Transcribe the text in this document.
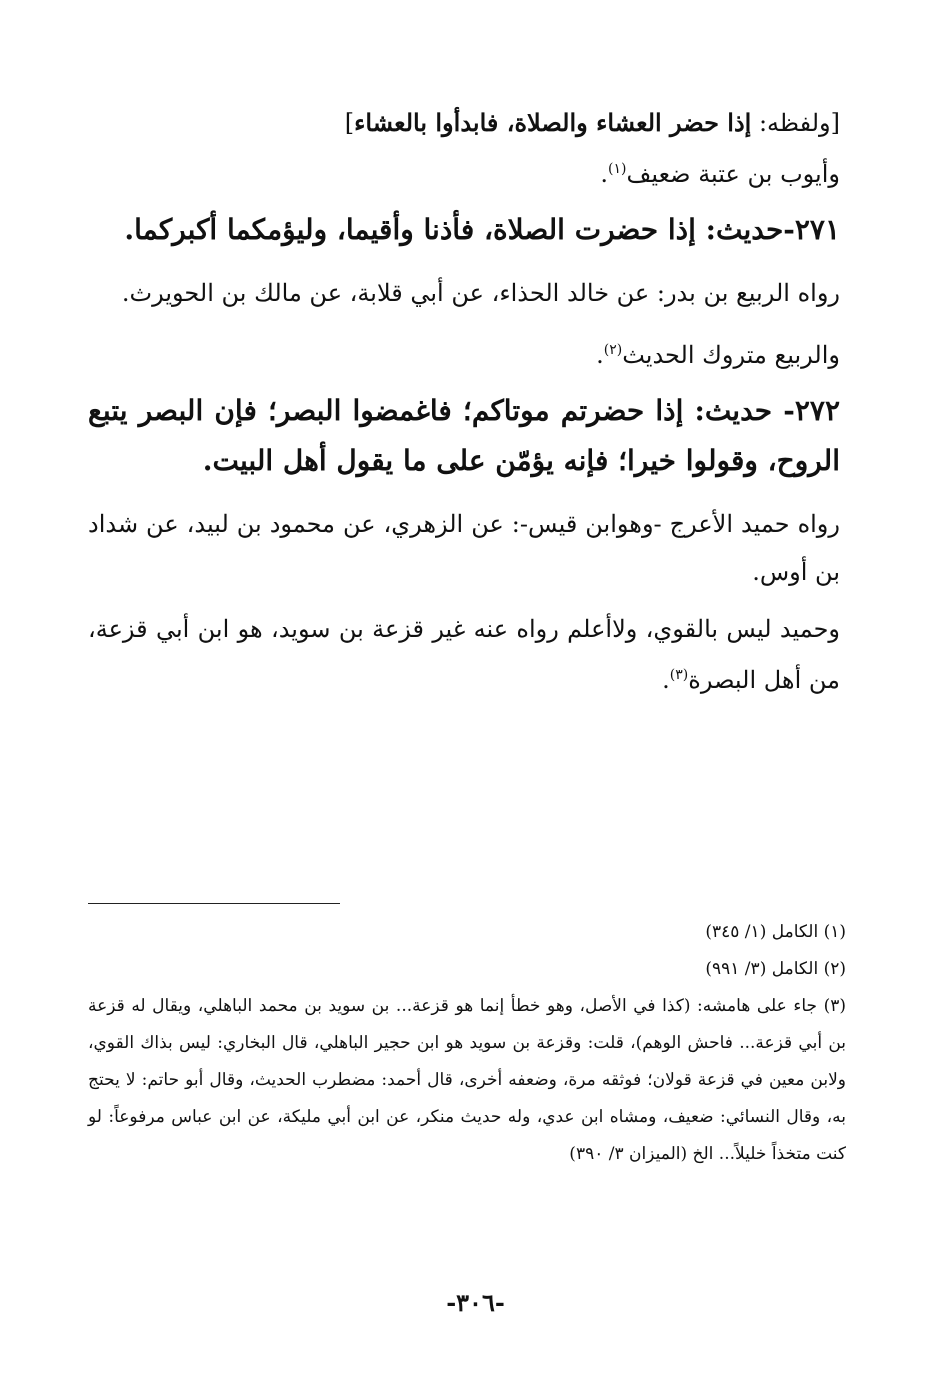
[ولفظه: إذا حضر العشاء والصلاة، فابدأوا بالعشاء]

وأيوب بن عتبة ضعيف$^{(١)}$.

٢٧١-حديث: إذا حضرت الصلاة، فأذنا وأقيما، وليؤمكما أكبركما.

رواه الربيع بن بدر: عن خالد الحذاء، عن أبي قلابة، عن مالك بن الحويرث.

والربيع متروك الحديث$^{(٢)}$.

٢٧٢- حديث: إذا حضرتم موتاكم؛ فاغمضوا البصر؛ فإن البصر يتبع الروح، وقولوا خيرا؛ فإنه يؤمّن على ما يقول أهل البيت.

رواه حميد الأعرج -وهوابن قيس-: عن الزهري، عن محمود بن لبيد، عن شداد بن أوس.

وحميد ليس بالقوي، ولاأعلم رواه عنه غير قزعة بن سويد، هو ابن أبي قزعة، من أهل البصرة$^{(٣)}$.

(١) الكامل (١/ ٣٤٥)

(٢) الكامل (٣/ ٩٩١)

(٣) جاء على هامشه: (كذا في الأصل، وهو خطأ إنما هو قزعة... بن سويد بن محمد الباهلي، ويقال له قزعة بن أبي قزعة... فاحش الوهم)، قلت: وقزعة بن سويد هو ابن حجير الباهلي، قال البخاري: ليس بذاك القوي، ولابن معين في قزعة قولان؛ فوثقه مرة، وضعفه أخرى، قال أحمد: مضطرب الحديث، وقال أبو حاتم: لا يحتج به، وقال النسائي: ضعيف، ومشاه ابن عدي، وله حديث منكر، عن ابن أبي مليكة، عن ابن عباس مرفوعاً: لو كنت متخذاً خليلاً... الخ (الميزان ٣/ ٣٩٠)

-٣٠٦-
